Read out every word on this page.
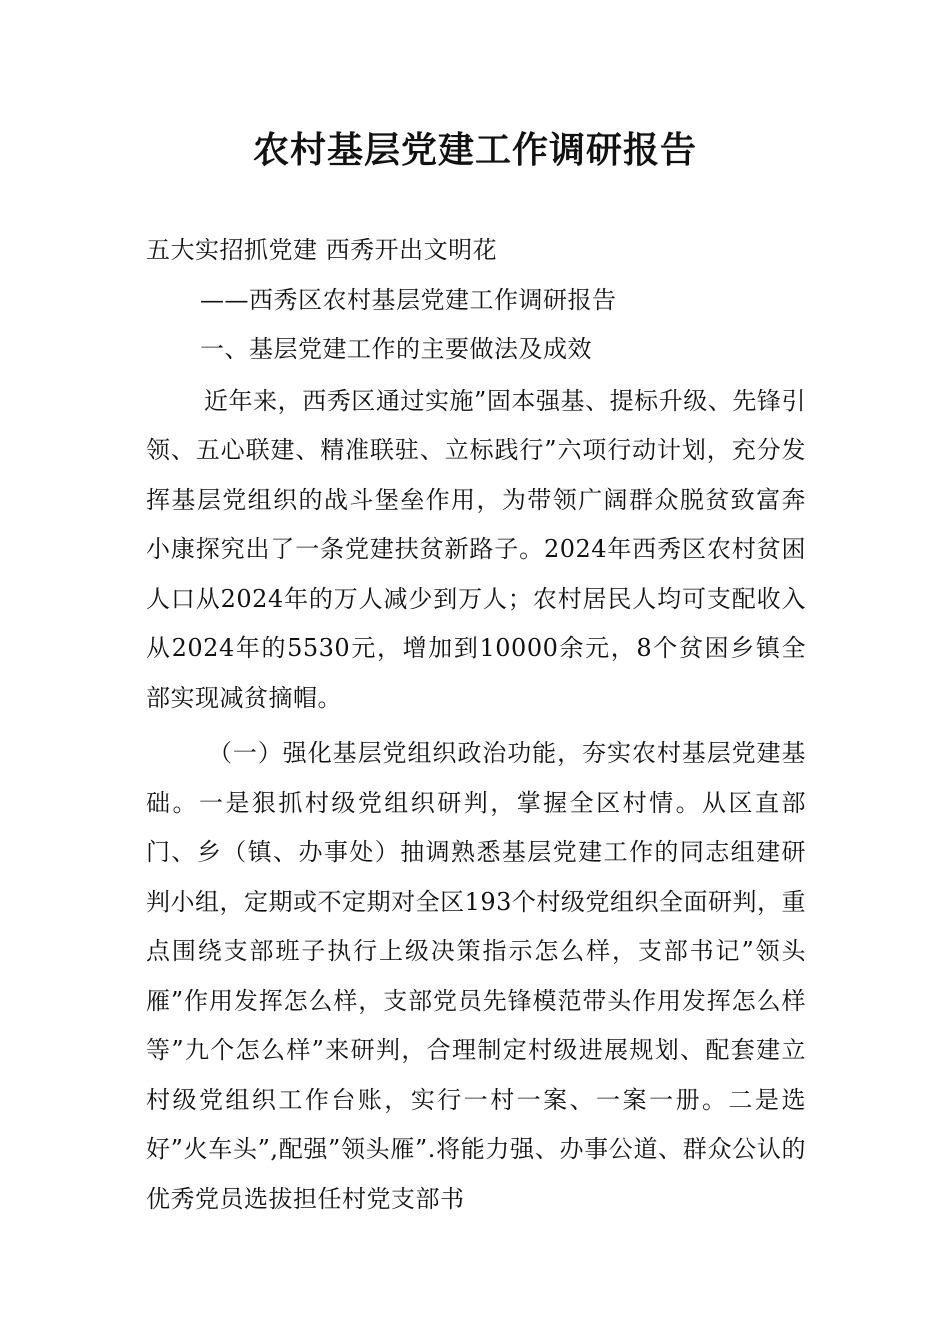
农村基层党建工作调研报告

五大实招抓党建 西秀开出文明花

——西秀区农村基层党建工作调研报告

一、基层党建工作的主要做法及成效

近年来，西秀区通过实施”固本强基、提标升级、先锋引领、五心联建、精准联驻、立标践行”六项行动计划，充分发挥基层党组织的战斗堡垒作用，为带领广阔群众脱贫致富奔小康探究出了一条党建扶贫新路子。2024年西秀区农村贫困人口从2024年的万人减少到万人；农村居民人均可支配收入从2024年的5530元，增加到10000余元，8个贫困乡镇全部实现减贫摘帽。

（一）强化基层党组织政治功能，夯实农村基层党建基础。一是狠抓村级党组织研判，掌握全区村情。从区直部门、乡（镇、办事处）抽调熟悉基层党建工作的同志组建研判小组，定期或不定期对全区193个村级党组织全面研判，重点围绕支部班子执行上级决策指示怎么样，支部书记”领头雁”作用发挥怎么样，支部党员先锋模范带头作用发挥怎么样等”九个怎么样”来研判，合理制定村级进展规划、配套建立村级党组织工作台账，实行一村一案、一案一册。二是选好”火车头”,配强”领头雁”.将能力强、办事公道、群众公认的优秀党员选拔担任村党支部书
